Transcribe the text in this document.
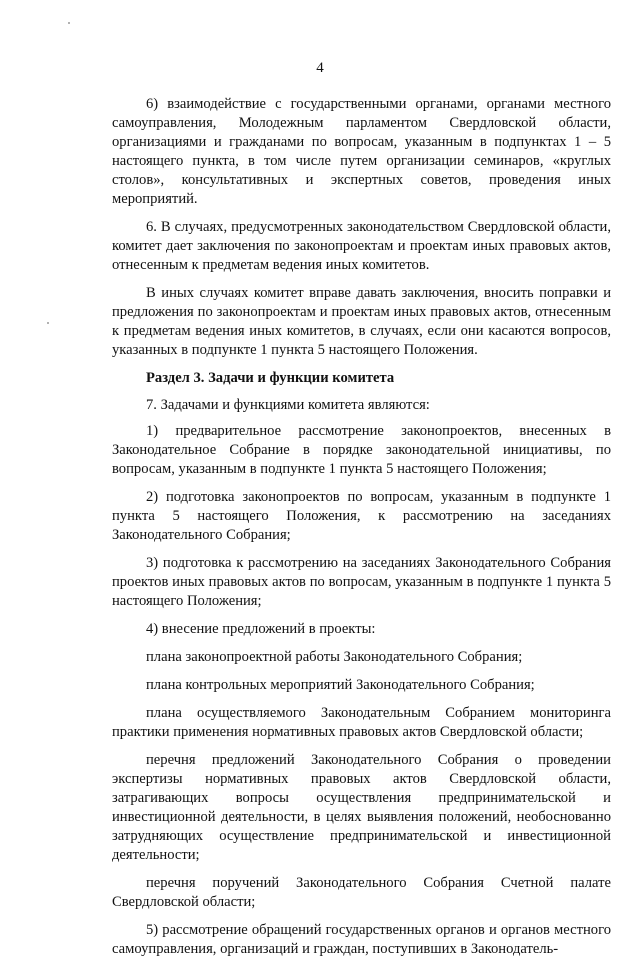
4

6) взаимодействие с государственными органами, органами местного самоуправления, Молодежным парламентом Свердловской области, организациями и гражданами по вопросам, указанным в подпунктах 1 – 5 настоящего пункта, в том числе путем организации семинаров, «круглых столов», консультативных и экспертных советов, проведения иных мероприятий.

6. В случаях, предусмотренных законодательством Свердловской области, комитет дает заключения по законопроектам и проектам иных правовых актов, отнесенным к предметам ведения иных комитетов.

В иных случаях комитет вправе давать заключения, вносить поправки и предложения по законопроектам и проектам иных правовых актов, отнесенным к предметам ведения иных комитетов, в случаях, если они касаются вопросов, указанных в подпункте 1 пункта 5 настоящего Положения.

Раздел 3. Задачи и функции комитета

7. Задачами и функциями комитета являются:

1) предварительное рассмотрение законопроектов, внесенных в Законодательное Собрание в порядке законодательной инициативы, по вопросам, указанным в подпункте 1 пункта 5 настоящего Положения;

2) подготовка законопроектов по вопросам, указанным в подпункте 1 пункта 5 настоящего Положения, к рассмотрению на заседаниях Законодательного Собрания;

3) подготовка к рассмотрению на заседаниях Законодательного Собрания проектов иных правовых актов по вопросам, указанным в подпункте 1 пункта 5 настоящего Положения;

4) внесение предложений в проекты:

плана законопроектной работы Законодательного Собрания;

плана контрольных мероприятий Законодательного Собрания;

плана осуществляемого Законодательным Собранием мониторинга практики применения нормативных правовых актов Свердловской области;

перечня предложений Законодательного Собрания о проведении экспертизы нормативных правовых актов Свердловской области, затрагивающих вопросы осуществления предпринимательской и инвестиционной деятельности, в целях выявления положений, необоснованно затрудняющих осуществление предпринимательской и инвестиционной деятельности;

перечня поручений Законодательного Собрания Счетной палате Свердловской области;

5) рассмотрение обращений государственных органов и органов местного самоуправления, организаций и граждан, поступивших в Законодатель-
